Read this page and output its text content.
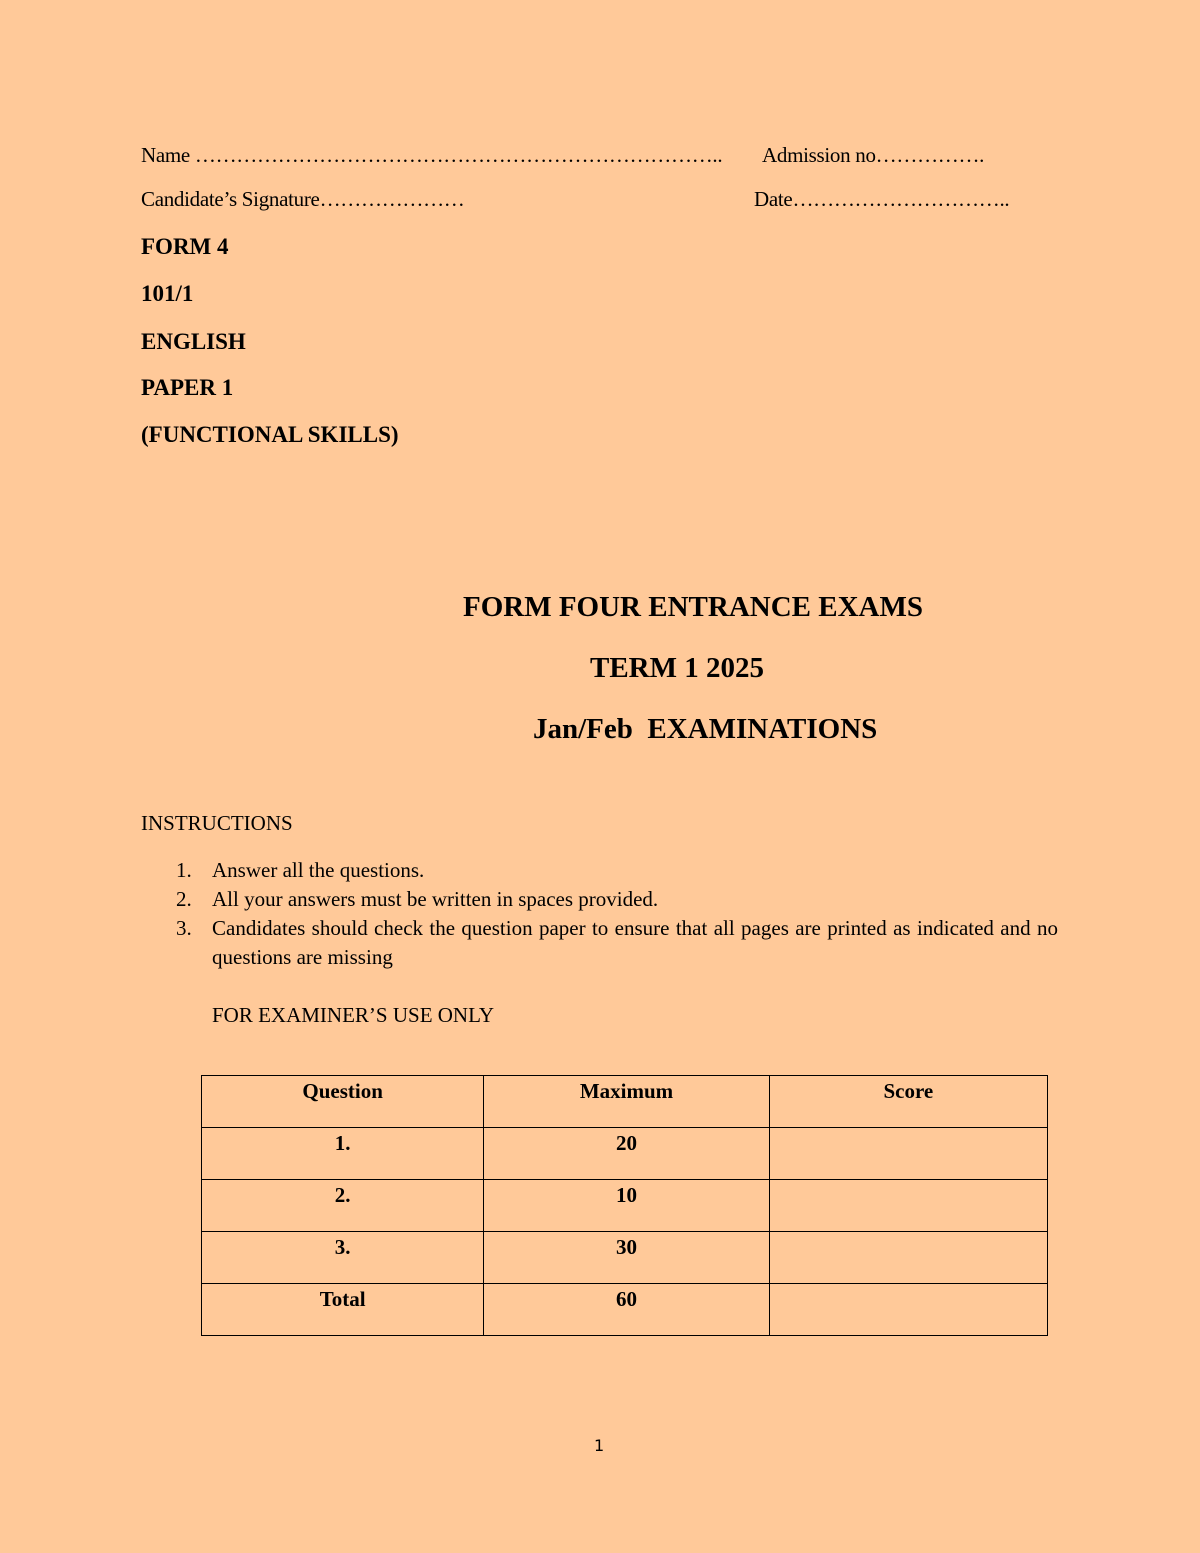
Name ………………………………………………………………….. Admission no…………….
Candidate’s Signature…………………	Date…………………………..
FORM 4
101/1
ENGLISH
PAPER 1
(FUNCTIONAL SKILLS)
FORM FOUR ENTRANCE EXAMS
TERM 1 2025
Jan/Feb  EXAMINATIONS
INSTRUCTIONS
1. Answer all the questions.
2. All your answers must be written in spaces provided.
3. Candidates should check the question paper to ensure that all pages are printed as indicated and no questions are missing
FOR EXAMINER’S USE ONLY
Question	Maximum	Score

1.	20	

2.	10	

3.	30	

Total	60	

1
